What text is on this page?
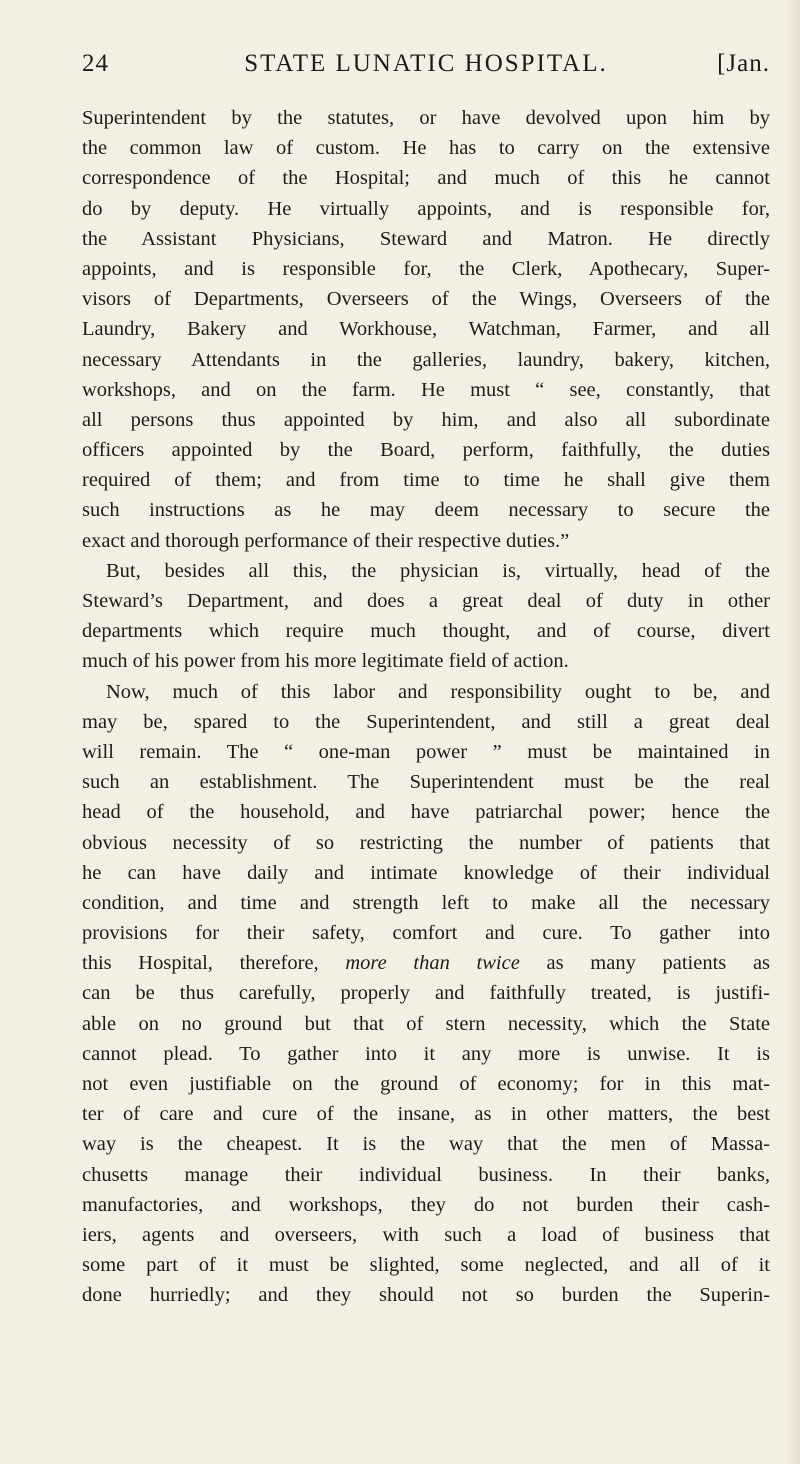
24	STATE LUNATIC HOSPITAL.	[Jan.
Superintendent by the statutes, or have devolved upon him by
the common law of custom. He has to carry on the extensive
correspondence of the Hospital; and much of this he cannot
do by deputy. He virtually appoints, and is responsible for,
the Assistant Physicians, Steward and Matron. He directly
appoints, and is responsible for, the Clerk, Apothecary, Super-
visors of Departments, Overseers of the Wings, Overseers of the
Laundry, Bakery and Workhouse, Watchman, Farmer, and all
necessary Attendants in the galleries, laundry, bakery, kitchen,
workshops, and on the farm. He must “ see, constantly, that
all persons thus appointed by him, and also all subordinate
officers appointed by the Board, perform, faithfully, the duties
required of them; and from time to time he shall give them
such instructions as he may deem necessary to secure the
exact and thorough performance of their respective duties.”
But, besides all this, the physician is, virtually, head of the
Steward’s Department, and does a great deal of duty in other
departments which require much thought, and of course, divert
much of his power from his more legitimate field of action.
Now, much of this labor and responsibility ought to be, and
may be, spared to the Superintendent, and still a great deal
will remain. The “ one-man power ” must be maintained in
such an establishment. The Superintendent must be the real
head of the household, and have patriarchal power; hence the
obvious necessity of so restricting the number of patients that
he can have daily and intimate knowledge of their individual
condition, and time and strength left to make all the necessary
provisions for their safety, comfort and cure. To gather into
this Hospital, therefore, more than twice as many patients as
can be thus carefully, properly and faithfully treated, is justifi-
able on no ground but that of stern necessity, which the State
cannot plead. To gather into it any more is unwise. It is
not even justifiable on the ground of economy; for in this mat-
ter of care and cure of the insane, as in other matters, the best
way is the cheapest. It is the way that the men of Massa-
chusetts manage their individual business. In their banks,
manufactories, and workshops, they do not burden their cash-
iers, agents and overseers, with such a load of business that
some part of it must be slighted, some neglected, and all of it
done hurriedly; and they should not so burden the Superin-
